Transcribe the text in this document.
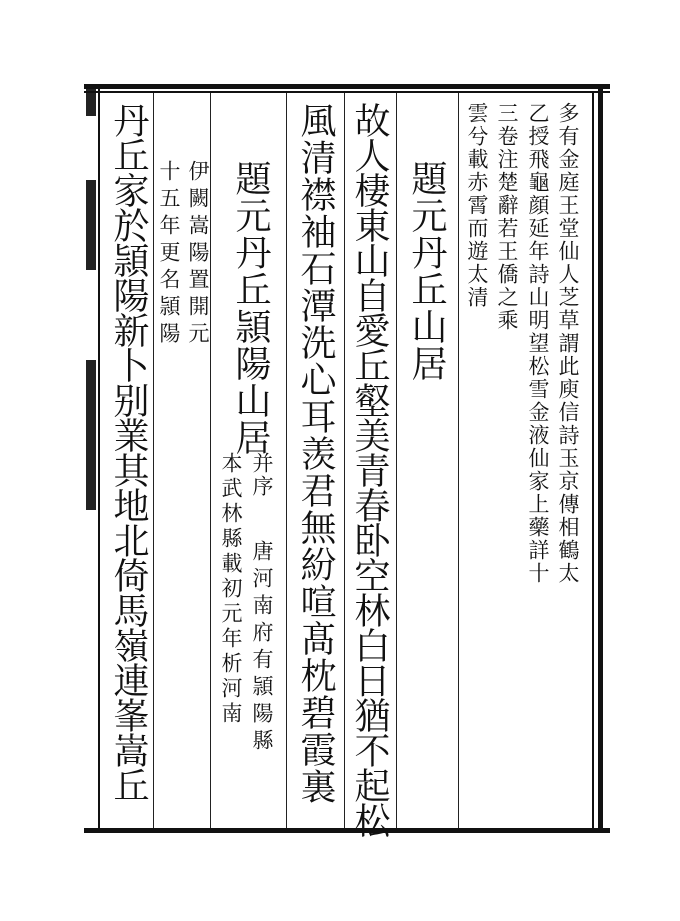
多有金庭王堂仙人芝草謂此庾信詩玉京傳相鶴太
乙授飛龜顔延年詩山明望松雪金液仙家上藥詳十
三卷注楚辭若王僑之乘
雲兮載赤霄而遊太清
題元丹丘山居
故人棲東山自愛丘壑美青春卧空林白日猶不起松
風清襟袖石潭洗心耳羡君無紛喧髙枕碧霞裏
題元丹丘頴陽山居
并序
唐河南府有頴陽縣
本武林縣載初元年析河南
伊闕嵩陽置開元
十五年更名頴陽
丹丘家於頴陽新卜别業其地北倚馬嶺連峯嵩丘
